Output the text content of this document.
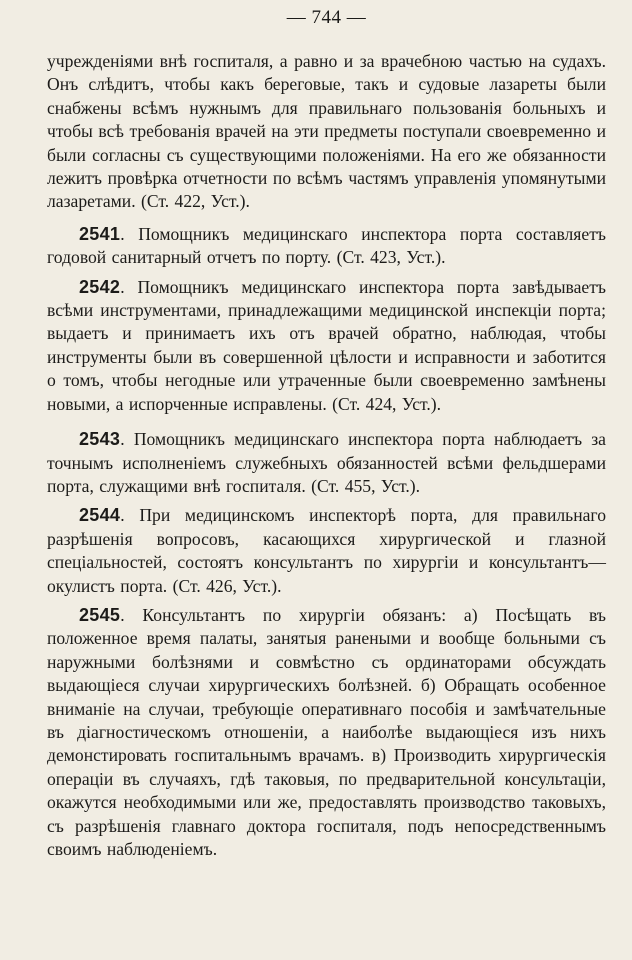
— 744 —

учрежденіями внѣ госпиталя, а равно и за врачебною частью на судахъ. Онъ слѣдитъ, чтобы какъ береговые, такъ и судовые лазареты были снабжены всѣмъ нужнымъ для правильнаго пользованія больныхъ и чтобы всѣ требованія врачей на эти предметы поступали своевременно и были согласны съ существующими положеніями. На его же обязанности лежитъ провѣрка отчетности по всѣмъ частямъ управленія упомянутыми лазаретами. (Ст. 422, Уст.).

2541. Помощникъ медицинскаго инспектора порта составляетъ годовой санитарный отчетъ по порту. (Ст. 423, Уст.).

2542. Помощникъ медицинскаго инспектора порта завѣдываетъ всѣми инструментами, принадлежащими медицинской инспекціи порта; выдаетъ и принимаетъ ихъ отъ врачей обратно, наблюдая, чтобы инструменты были въ совершенной цѣлости и исправности и заботится о томъ, чтобы негодные или утраченные были своевременно замѣнены новыми, а испорченные исправлены. (Ст. 424, Уст.).

2543. Помощникъ медицинскаго инспектора порта наблюдаетъ за точнымъ исполненіемъ служебныхъ обязанностей всѣми фельдшерами порта, служащими внѣ госпиталя. (Ст. 455, Уст.).

2544. При медицинскомъ инспекторѣ порта, для правильнаго разрѣшенія вопросовъ, касающихся хирургической и глазной спеціальностей, состоятъ консультантъ по хирургіи и консультантъ—окулистъ порта. (Ст. 426, Уст.).

2545. Консультантъ по хирургіи обязанъ: а) Посѣщать въ положенное время палаты, занятыя ранеными и вообще больными съ наружными болѣзнями и совмѣстно съ ординаторами обсуждать выдающіеся случаи хирургическихъ болѣзней. б) Обращать особенное вниманіе на случаи, требующіе оперативнаго пособія и замѣчательные въ діагностическомъ отношеніи, а наиболѣе выдающіеся изъ нихъ демонстировать госпитальнымъ врачамъ. в) Производить хирургическія операціи въ случаяхъ, гдѣ таковыя, по предварительной консультаціи, окажутся необходимыми или же, предоставлять производство таковыхъ, съ разрѣшенія главнаго доктора госпиталя, подъ непосредственнымъ своимъ наблюденіемъ.
